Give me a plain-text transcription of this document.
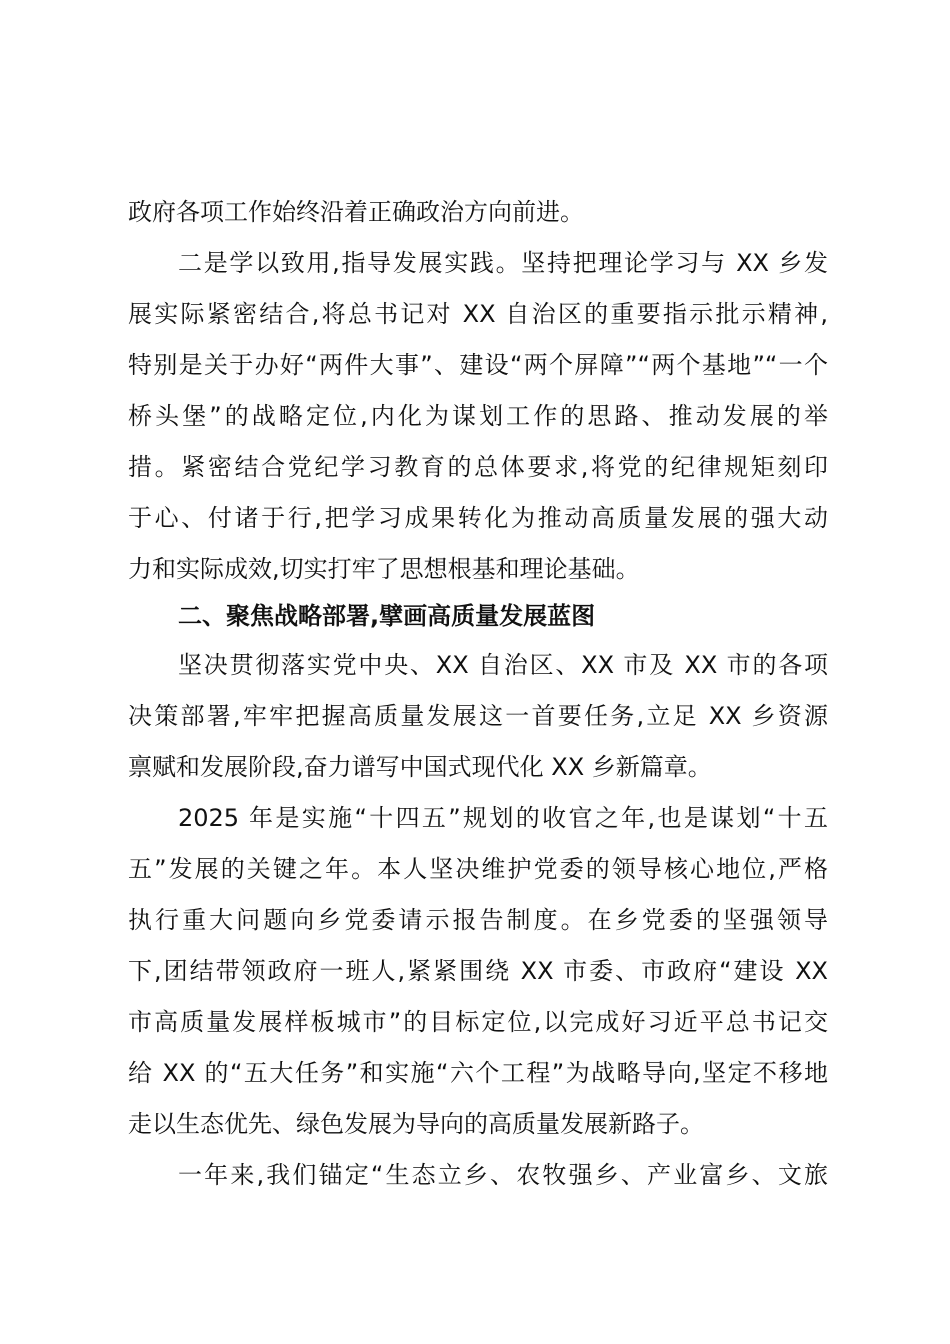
政府各项工作始终沿着正确政治方向前进。
二是学以致用,指导发展实践。坚持把理论学习与 XX 乡发
展实际紧密结合,将总书记对 XX 自治区的重要指示批示精神,
特别是关于办好“两件大事”、建设“两个屏障”“两个基地”“一个
桥头堡”的战略定位,内化为谋划工作的思路、推动发展的举
措。紧密结合党纪学习教育的总体要求,将党的纪律规矩刻印
于心、付诸于行,把学习成果转化为推动高质量发展的强大动
力和实际成效,切实打牢了思想根基和理论基础。
二、聚焦战略部署,擘画高质量发展蓝图
坚决贯彻落实党中央、XX 自治区、XX 市及 XX 市的各项
决策部署,牢牢把握高质量发展这一首要任务,立足 XX 乡资源
禀赋和发展阶段,奋力谱写中国式现代化 XX 乡新篇章。
2025 年是实施“十四五”规划的收官之年,也是谋划“十五
五”发展的关键之年。本人坚决维护党委的领导核心地位,严格
执行重大问题向乡党委请示报告制度。在乡党委的坚强领导
下,团结带领政府一班人,紧紧围绕 XX 市委、市政府“建设 XX
市高质量发展样板城市”的目标定位,以完成好习近平总书记交
给 XX 的“五大任务”和实施“六个工程”为战略导向,坚定不移地
走以生态优先、绿色发展为导向的高质量发展新路子。
一年来,我们锚定“生态立乡、农牧强乡、产业富乡、文旅
